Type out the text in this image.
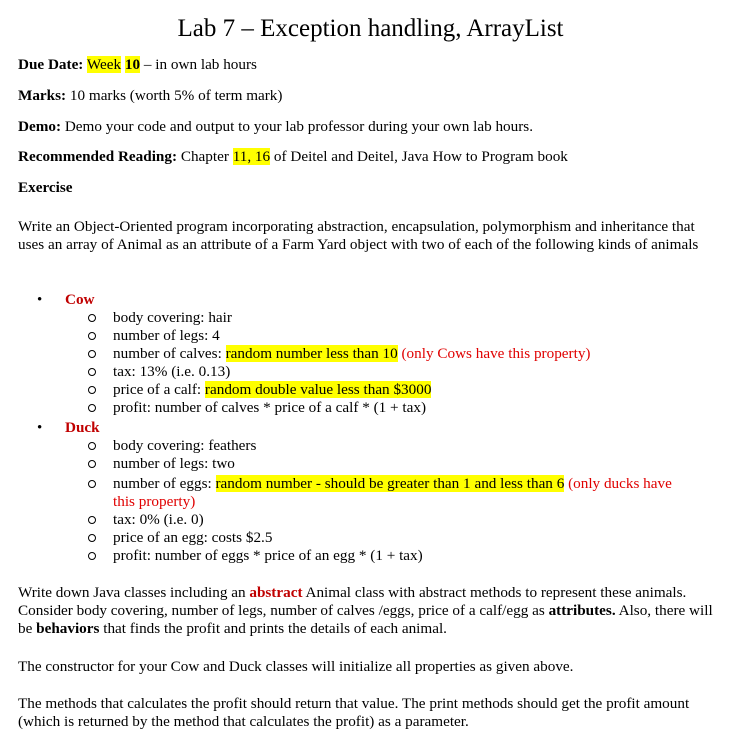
Lab 7 – Exception handling, ArrayList
Due Date: Week 10 – in own lab hours
Marks: 10 marks (worth 5% of term mark)
Demo: Demo your code and output to your lab professor during your own lab hours.
Recommended Reading: Chapter 11, 16 of Deitel and Deitel, Java How to Program book
Exercise
Write an Object-Oriented program incorporating abstraction, encapsulation, polymorphism and inheritance that uses an array of Animal as an attribute of a Farm Yard object with two of each of the following kinds of animals
• Cow
body covering: hair
number of legs: 4
number of calves: random number less than 10 (only Cows have this property)
tax: 13% (i.e. 0.13)
price of a calf: random double value less than $3000
profit: number of calves * price of a calf * (1 + tax)
• Duck
body covering: feathers
number of legs: two
number of eggs: random number - should be greater than 1 and less than 6 (only ducks have
this property)
tax: 0% (i.e. 0)
price of an egg: costs $2.5
profit: number of eggs * price of an egg * (1 + tax)
Write down Java classes including an abstract Animal class with abstract methods to represent these animals. Consider body covering, number of legs, number of calves /eggs, price of a calf/egg as attributes. Also, there will be behaviors that finds the profit and prints the details of each animal.
The constructor for your Cow and Duck classes will initialize all properties as given above.
The methods that calculates the profit should return that value. The print methods should get the profit amount (which is returned by the method that calculates the profit) as a parameter.
